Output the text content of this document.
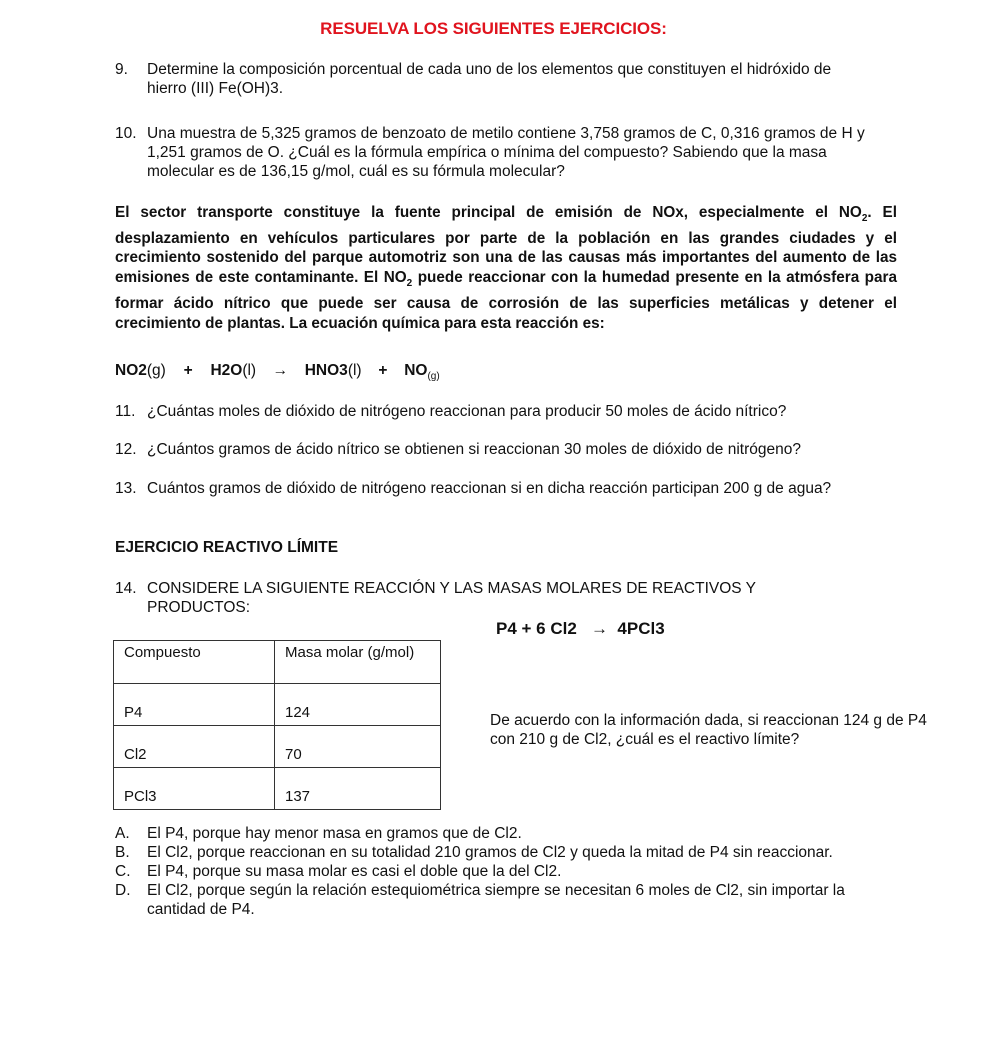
RESUELVA LOS SIGUIENTES EJERCICIOS:
9. Determine la composición porcentual de cada uno de los elementos que constituyen el hidróxido de hierro (III) Fe(OH)3.
10. Una muestra de 5,325 gramos de benzoato de metilo contiene 3,758 gramos de C, 0,316 gramos de H y 1,251 gramos de O. ¿Cuál es la fórmula empírica o mínima del compuesto? Sabiendo que la masa molecular es de 136,15 g/mol, cuál es su fórmula molecular?
El sector transporte constituye la fuente principal de emisión de NOx, especialmente el $NO_2$. El desplazamiento en vehículos particulares por parte de la población en las grandes ciudades y el crecimiento sostenido del parque automotriz son una de las causas más importantes del aumento de las emisiones de este contaminante. El $NO_2$ puede reaccionar con la humedad presente en la atmósfera para formar ácido nítrico que puede ser causa de corrosión de las superficies metálicas y detener el crecimiento de plantas. La ecuación química para esta reacción es:
$NO2(g) + H2O(l) \to HNO3(l) + NO_{(g)}$
11. ¿Cuántas moles de dióxido de nitrógeno reaccionan para producir 50 moles de ácido nítrico?
12. ¿Cuántos gramos de ácido nítrico se obtienen si reaccionan 30 moles de dióxido de nitrógeno?
13. Cuántos gramos de dióxido de nitrógeno reaccionan si en dicha reacción participan 200 g de agua?
EJERCICIO REACTIVO LÍMITE
14. CONSIDERE LA SIGUIENTE REACCIÓN Y LAS MASAS MOLARES DE REACTIVOS Y PRODUCTOS:
P4 + 6 Cl2   →  4PCl3
Compuesto	Masa molar (g/mol)
P4	124
Cl2	70
PCl3	137
De acuerdo con la información dada, si reaccionan 124 g de P4 con 210 g de Cl2, ¿cuál es el reactivo límite?
A. El P4, porque hay menor masa en gramos que de Cl2.
B. El Cl2, porque reaccionan en su totalidad 210 gramos de Cl2 y queda la mitad de P4 sin reaccionar.
C. El P4, porque su masa molar es casi el doble que la del Cl2.
D. El Cl2, porque según la relación estequiométrica siempre se necesitan 6 moles de Cl2, sin importar la cantidad de P4.
